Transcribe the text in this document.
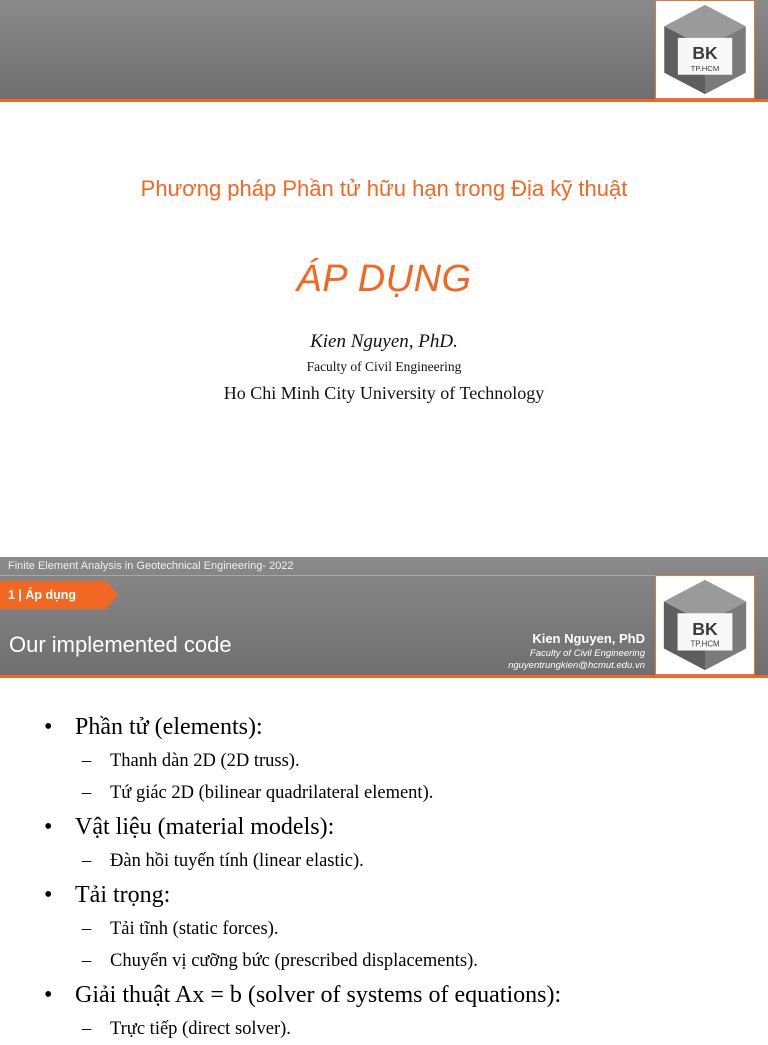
BK
TP.HCM
Phương pháp Phần tử hữu hạn trong Địa kỹ thuật
ÁP DỤNG
Kien Nguyen, PhD.
Faculty of Civil Engineering
Ho Chi Minh City University of Technology
Finite Element Analysis in Geotechnical Engineering- 2022
1 | Áp dụng
Our implemented code	Kien Nguyen, PhD
Faculty of Civil Engineering
nguyentrungkien@hcmut.edu.vn
BK
TP.HCM
• Phần tử (elements):
– Thanh dàn 2D (2D truss).
– Tứ giác 2D (bilinear quadrilateral element).
• Vật liệu (material models):
– Đàn hồi tuyến tính (linear elastic).
• Tải trọng:
– Tải tĩnh (static forces).
– Chuyển vị cưỡng bức (prescribed displacements).
• Giải thuật Ax = b (solver of systems of equations):
– Trực tiếp (direct solver).
